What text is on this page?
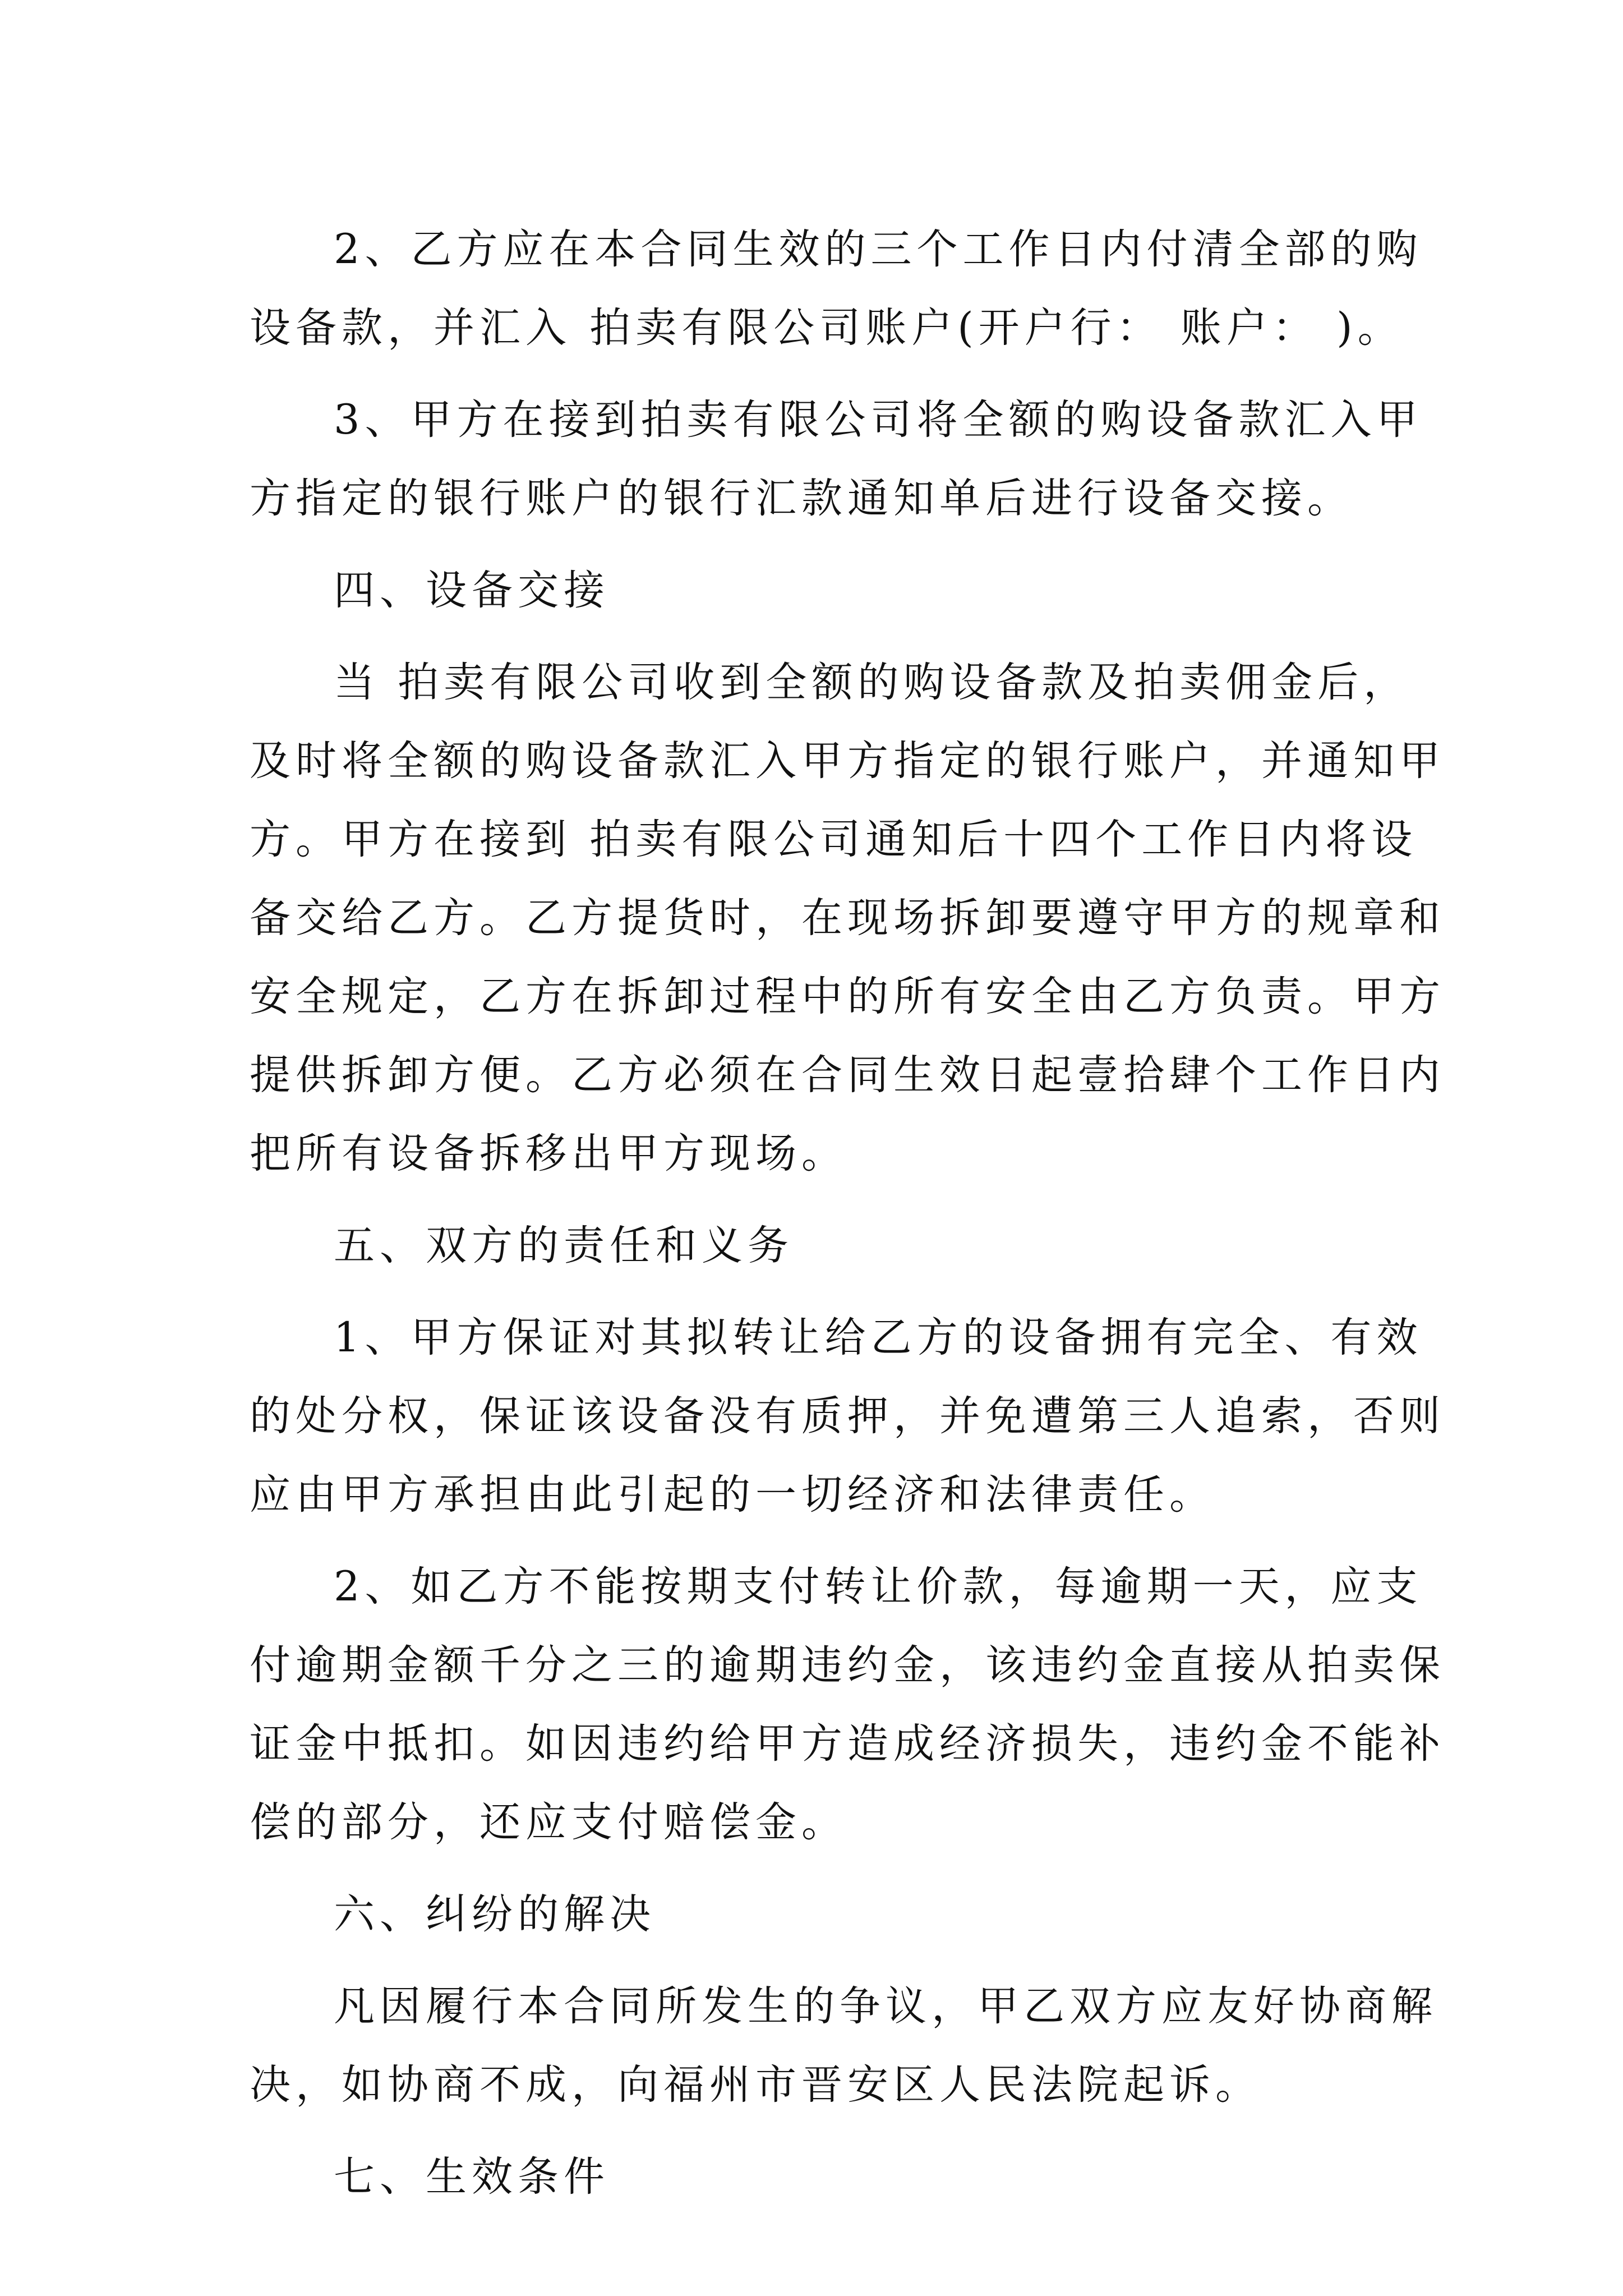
2、乙方应在本合同生效的三个工作日内付清全部的购
设备款，并汇入 拍卖有限公司账户(开户行： 账户： )。
3、甲方在接到拍卖有限公司将全额的购设备款汇入甲
方指定的银行账户的银行汇款通知单后进行设备交接。
四、设备交接
当 拍卖有限公司收到全额的购设备款及拍卖佣金后，
及时将全额的购设备款汇入甲方指定的银行账户，并通知甲
方。甲方在接到 拍卖有限公司通知后十四个工作日内将设
备交给乙方。乙方提货时，在现场拆卸要遵守甲方的规章和
安全规定，乙方在拆卸过程中的所有安全由乙方负责。甲方
提供拆卸方便。乙方必须在合同生效日起壹拾肆个工作日内
把所有设备拆移出甲方现场。
五、双方的责任和义务
1、甲方保证对其拟转让给乙方的设备拥有完全、有效
的处分权，保证该设备没有质押，并免遭第三人追索，否则
应由甲方承担由此引起的一切经济和法律责任。
2、如乙方不能按期支付转让价款，每逾期一天，应支
付逾期金额千分之三的逾期违约金，该违约金直接从拍卖保
证金中抵扣。如因违约给甲方造成经济损失，违约金不能补
偿的部分，还应支付赔偿金。
六、纠纷的解决
凡因履行本合同所发生的争议，甲乙双方应友好协商解
决，如协商不成，向福州市晋安区人民法院起诉。
七、生效条件
